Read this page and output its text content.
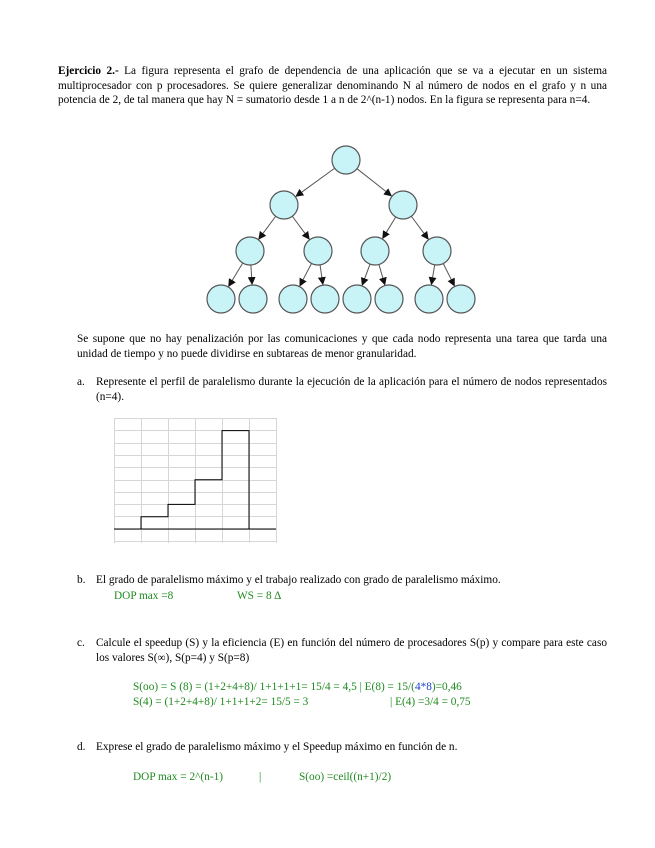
Ejercicio 2.- La figura representa el grafo de dependencia de una aplicación que se va a ejecutar en un sistema multiprocesador con p procesadores. Se quiere generalizar denominando N al número de nodos en el grafo y n una potencia de 2, de tal manera que hay N = sumatorio desde 1 a n de 2^(n-1) nodos. En la figura se representa para n=4.
Se supone que no hay penalización por las comunicaciones y que cada nodo representa una tarea que tarda una unidad de tiempo y no puede dividirse en subtareas de menor granularidad.
a. Represente el perfil de paralelismo durante la ejecución de la aplicación para el número de nodos representados (n=4).
b. El grado de paralelismo máximo y el trabajo realizado con grado de paralelismo máximo.
DOP max =8	WS = 8 ∆
c. Calcule el speedup (S) y la eficiencia (E) en función del número de procesadores S(p) y compare para este caso los valores S(∞), S(p=4) y S(p=8)
S(oo) = S (8) = (1+2+4+8)/ 1+1+1+1= 15/4 = 4,5 | E(8) = 15/(4*8)=0,46
S(4) = (1+2+4+8)/ 1+1+1+2= 15/5 = 3	| E(4) =3/4 = 0,75
d. Exprese el grado de paralelismo máximo y el Speedup máximo en función de n.
DOP max = 2^(n-1)	|	S(oo) =ceil((n+1)/2)
